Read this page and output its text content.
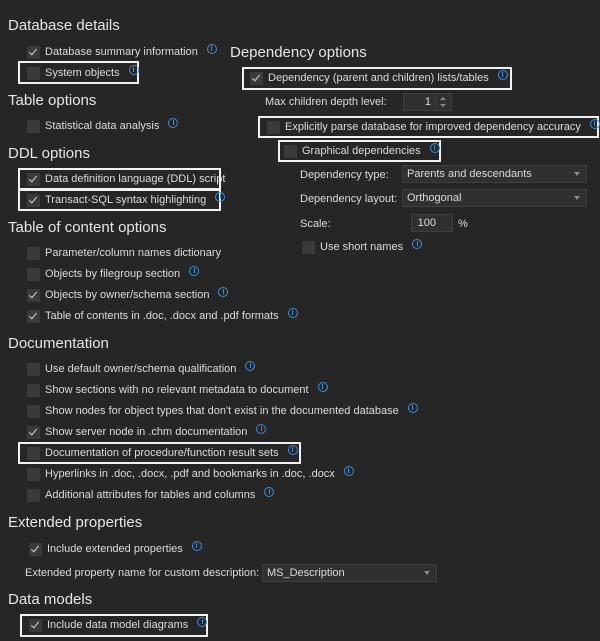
Database details
Database summary information
System objects
Table options
Statistical data analysis
DDL options
Data definition language (DDL) script
Transact-SQL syntax highlighting
Table of content options
Parameter/column names dictionary
Objects by filegroup section
Objects by owner/schema section
Table of contents in .doc, .docx and .pdf formats
Documentation
Use default owner/schema qualification
Show sections with no relevant metadata to document
Show nodes for object types that don't exist in the documented database
Show server node in .chm documentation
Documentation of procedure/function result sets
Hyperlinks in .doc, .docx, .pdf and bookmarks in .doc, .docx
Additional attributes for tables and columns
Extended properties
Include extended properties
Extended property name for custom description: MS_Description
Data models
Include data model diagrams
Dependency options
Dependency (parent and children) lists/tables
Max children depth level:	1
Explicitly parse database for improved dependency accuracy
Graphical dependencies
Dependency type: Parents and descendants
Dependency layout: Orthogonal
Scale:	100 %
Use short names
